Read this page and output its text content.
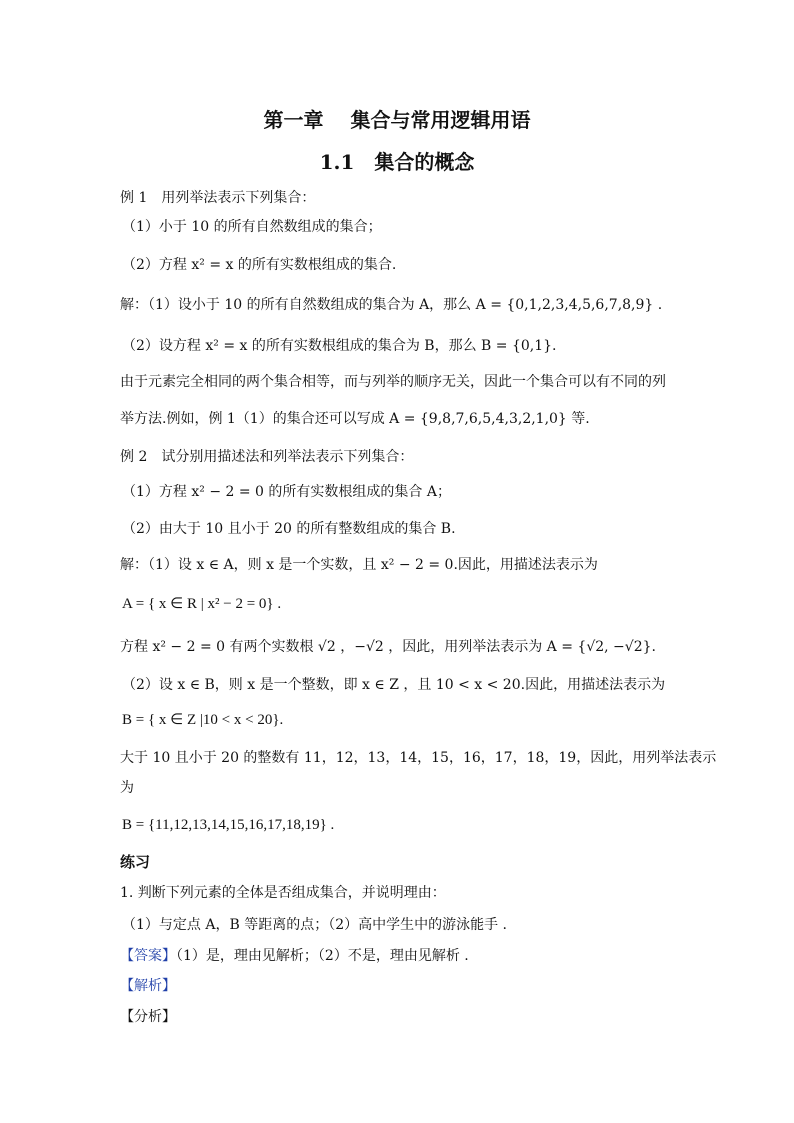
第一章　 集合与常用逻辑用语
1.1　集合的概念
例 1　用列举法表示下列集合：
（1）小于 10 的所有自然数组成的集合；
（2）方程 x² = x 的所有实数根组成的集合.
解：（1）设小于 10 的所有自然数组成的集合为 A，那么 A = {0,1,2,3,4,5,6,7,8,9} .
（2）设方程 x² = x 的所有实数根组成的集合为 B，那么 B = {0,1}.
由于元素完全相同的两个集合相等，而与列举的顺序无关，因此一个集合可以有不同的列
举方法.例如，例 1（1）的集合还可以写成 A = {9,8,7,6,5,4,3,2,1,0} 等.
例 2　试分别用描述法和列举法表示下列集合：
（1）方程 x² − 2 = 0 的所有实数根组成的集合 A；
（2）由大于 10 且小于 20 的所有整数组成的集合 B.
解：（1）设 x ∈ A，则 x 是一个实数，且 x² − 2 = 0.因此，用描述法表示为
A = { x ∈ R | x² − 2 = 0} .
方程 x² − 2 = 0 有两个实数根 √2 ，−√2 ，因此，用列举法表示为 A = {√2, −√2}.
（2）设 x ∈ B，则 x 是一个整数，即 x ∈ Z ，且 10 < x < 20.因此，用描述法表示为
B = { x ∈ Z |10 < x < 20}.
大于 10 且小于 20 的整数有 11，12，13，14，15，16，17，18，19，因此，用列举法表示
为
B = {11,12,13,14,15,16,17,18,19} .
练习
1. 判断下列元素的全体是否组成集合，并说明理由：
（1）与定点 A，B 等距离的点；（2）高中学生中的游泳能手 .
【答案】（1）是，理由见解析；（2）不是，理由见解析 .
【解析】
【分析】
